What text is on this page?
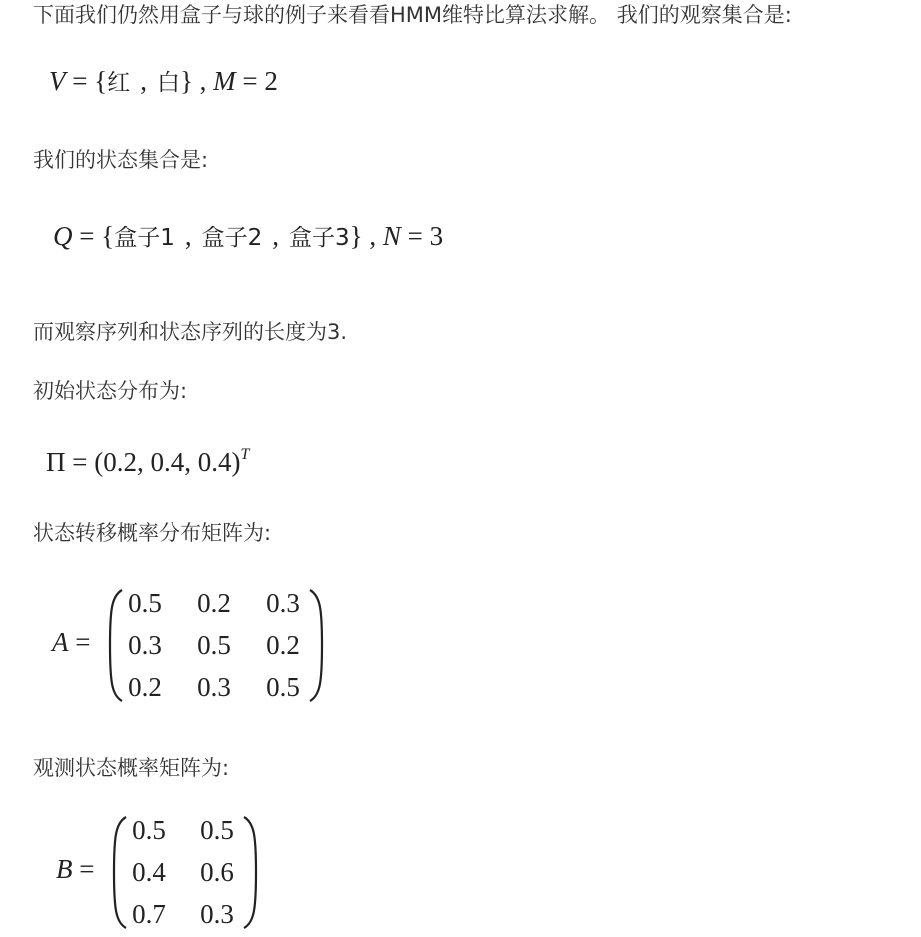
下面我们仍然用盒子与球的例子来看看HMM维特比算法求解。 我们的观察集合是:
V = {红 , 白} , M = 2
我们的状态集合是:
Q = {盒子1 , 盒子2 , 盒子3} , N = 3
而观察序列和状态序列的长度为3.
初始状态分布为:
Π = (0.2, 0.4, 0.4)$^T$
状态转移概率分布矩阵为:
A =
0.5	0.2	0.3
0.3	0.5	0.2
0.2	0.3	0.5
观测状态概率矩阵为:
B =
0.5	0.5
0.4	0.6
0.7	0.3
